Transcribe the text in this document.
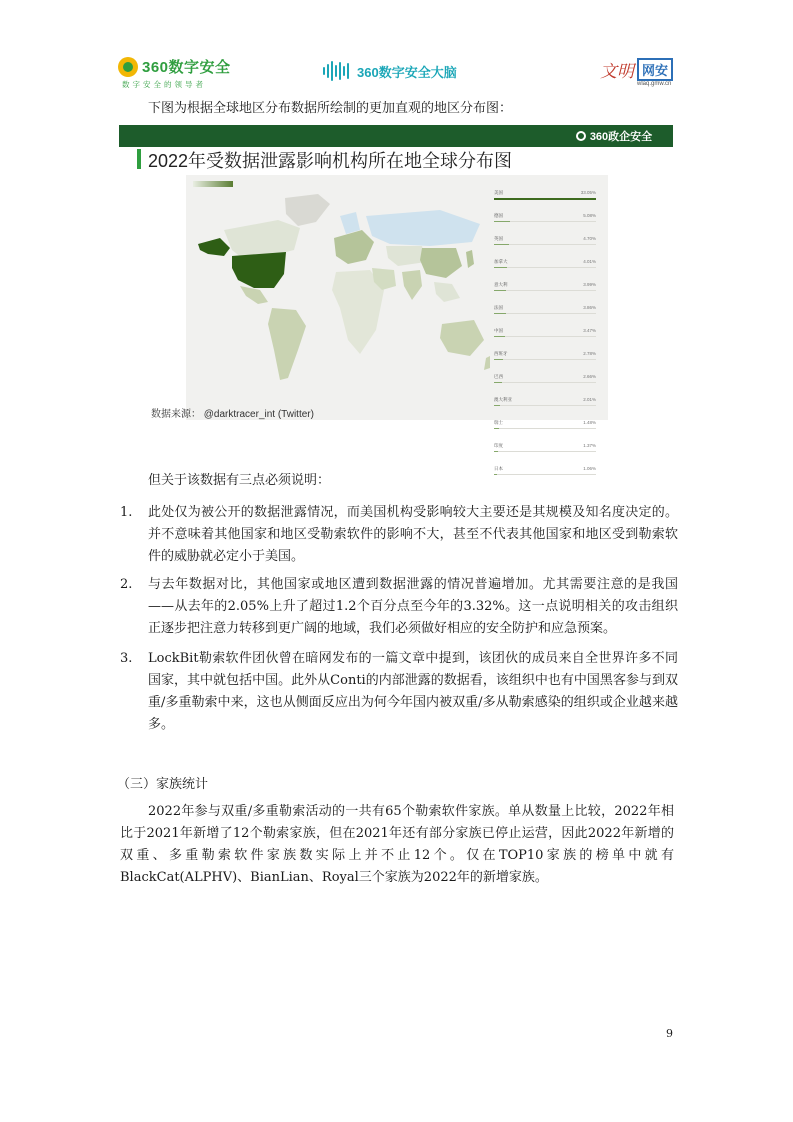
360数字安全
数字安全的领导者
360数字安全大脑	文明 网安
wlaq.gmw.cn
下图为根据全球地区分布数据所绘制的更加直观的地区分布图：
360政企安全
2022年受数据泄露影响机构所在地全球分布图
美国	33.05%
德国	5.08%
英国	4.70%
加拿大	4.01%
意大利	3.99%
法国	3.86%
中国	3.47%
西班牙	2.78%
巴西	2.66%
澳大利亚	2.01%
瑞士	1.48%
印度	1.37%
日本	1.06%
数据来源： @darktracer_int (Twitter)
但关于该数据有三点必须说明：
1. 此处仅为被公开的数据泄露情况，而美国机构受影响较大主要还是其规模及知名度决定的。并不意味着其他国家和地区受勒索软件的影响不大，甚至不代表其他国家和地区受到勒索软件的威胁就必定小于美国。
2. 与去年数据对比，其他国家或地区遭到数据泄露的情况普遍增加。尤其需要注意的是我国——从去年的2.05%上升了超过1.2个百分点至今年的3.32%。这一点说明相关的攻击组织正逐步把注意力转移到更广阔的地域，我们必须做好相应的安全防护和应急预案。
3. LockBit勒索软件团伙曾在暗网发布的一篇文章中提到，该团伙的成员来自全世界许多不同国家，其中就包括中国。此外从Conti的内部泄露的数据看，该组织中也有中国黑客参与到双重/多重勒索中来，这也从侧面反应出为何今年国内被双重/多从勒索感染的组织或企业越来越多。
（三）家族统计
2022年参与双重/多重勒索活动的一共有65个勒索软件家族。单从数量上比较，2022年相比于2021年新增了12个勒索家族，但在2021年还有部分家族已停止运营，因此2022年新增的双重、多重勒索软件家族数实际上并不止12个。仅在TOP10家族的榜单中就有BlackCat(ALPHV)、BianLian、Royal三个家族为2022年的新增家族。
9
